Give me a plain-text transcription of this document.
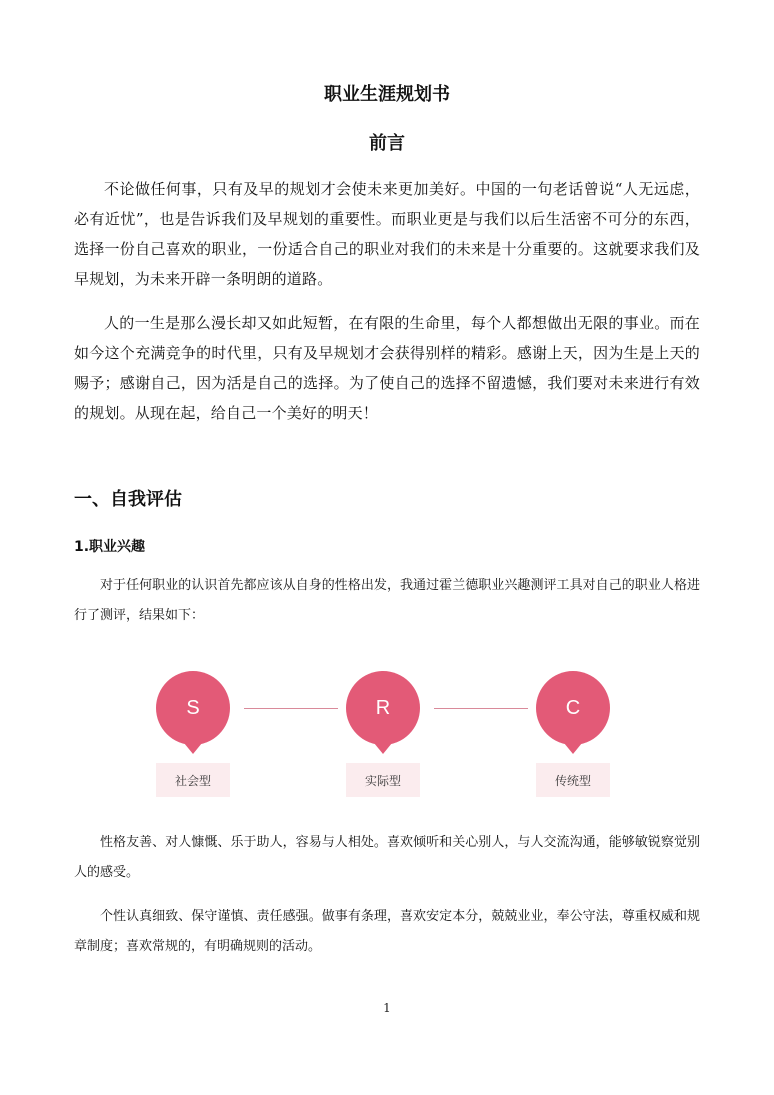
职业生涯规划书
前言

不论做任何事，只有及早的规划才会使未来更加美好。中国的一句老话曾说“人无远虑，必有近忧”，也是告诉我们及早规划的重要性。而职业更是与我们以后生活密不可分的东西，选择一份自己喜欢的职业，一份适合自己的职业对我们的未来是十分重要的。这就要求我们及早规划，为未来开辟一条明朗的道路。

人的一生是那么漫长却又如此短暂，在有限的生命里，每个人都想做出无限的事业。而在如今这个充满竞争的时代里，只有及早规划才会获得别样的精彩。感谢上天，因为生是上天的赐予；感谢自己，因为活是自己的选择。为了使自己的选择不留遗憾，我们要对未来进行有效的规划。从现在起，给自己一个美好的明天！

一、自我评估
1.职业兴趣

对于任何职业的认识首先都应该从自身的性格出发，我通过霍兰德职业兴趣测评工具对自己的职业人格进行了测评，结果如下：

S	R	C
社会型	实际型	传统型

性格友善、对人慷慨、乐于助人，容易与人相处。喜欢倾听和关心别人，与人交流沟通，能够敏锐察觉别人的感受。

个性认真细致、保守谨慎、责任感强。做事有条理，喜欢安定本分，兢兢业业，奉公守法，尊重权威和规章制度；喜欢常规的，有明确规则的活动。

1
